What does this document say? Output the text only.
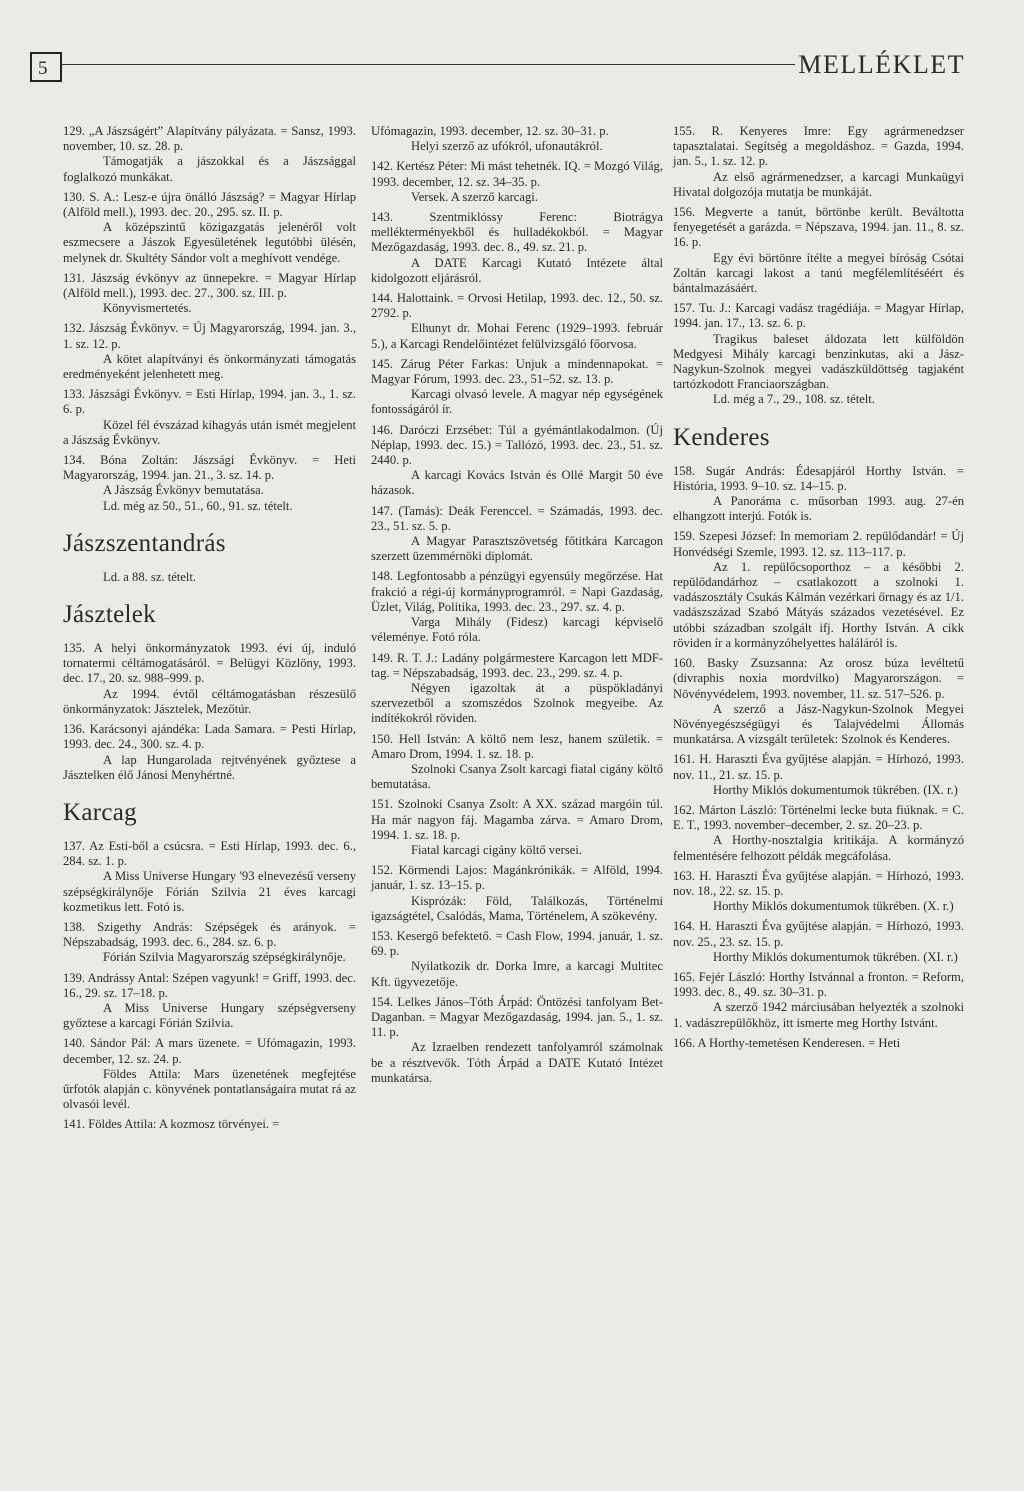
5	MELLÉKLET

129. „A Jászságért” Alapítvány pályázata. = Sansz, 1993. november, 10. sz. 28. p.

Támogatják a jászokkal és a Jászsággal foglalkozó munkákat.

130. S. A.: Lesz-e újra önálló Jászság? = Magyar Hírlap (Alföld mell.), 1993. dec. 20., 295. sz. II. p.

A középszintű közigazgatás jelenéről volt eszmecsere a Jászok Egyesületének legutóbbi ülésén, melynek dr. Skultéty Sándor volt a meghívott vendége.

131. Jászság évkönyv az ünnepekre. = Magyar Hírlap (Alföld mell.), 1993. dec. 27., 300. sz. III. p.

Könyvismertetés.

132. Jászság Évkönyv. = Új Magyarország, 1994. jan. 3., 1. sz. 12. p.

A kötet alapítványi és önkormányzati támogatás eredményeként jelenhetett meg.

133. Jászsági Évkönyv. = Esti Hírlap, 1994. jan. 3., 1. sz. 6. p.

Közel fél évszázad kihagyás után ismét megjelent a Jászság Évkönyv.

134. Bóna Zoltán: Jászsági Évkönyv. = Heti Magyarország, 1994. jan. 21., 3. sz. 14. p.

A Jászság Évkönyv bemutatása.

Ld. még az 50., 51., 60., 91. sz. tételt.

Jászszentandrás

Ld. a 88. sz. tételt.

Jásztelek

135. A helyi önkormányzatok 1993. évi új, induló tornatermi céltámogatásáról. = Belügyi Közlöny, 1993. dec. 17., 20. sz. 988–999. p.

Az 1994. évtől céltámogatásban részesülő önkormányzatok: Jásztelek, Mezőtúr.

136. Karácsonyi ajándéka: Lada Samara. = Pesti Hírlap, 1993. dec. 24., 300. sz. 4. p.

A lap Hungarolada rejtvényének győztese a Jásztelken élő Jánosi Menyhértné.

Karcag

137. Az Esti-ből a csúcsra. = Esti Hírlap, 1993. dec. 6., 284. sz. 1. p.

A Miss Universe Hungary '93 elnevezésű verseny szépségkirálynője Fórián Szilvia 21 éves karcagi kozmetikus lett. Fotó is.

138. Szigethy András: Szépségek és arányok. = Népszabadság, 1993. dec. 6., 284. sz. 6. p.

Fórián Szilvia Magyarország szépségkirálynője.

139. Andrássy Antal: Szépen vagyunk! = Griff, 1993. dec. 16., 29. sz. 17–18. p.

A Miss Universe Hungary szépségverseny győztese a karcagi Fórián Szilvia.

140. Sándor Pál: A mars üzenete. = Ufómagazin, 1993. december, 12. sz. 24. p.

Földes Attila: Mars üzenetének megfejtése űrfotók alapján c. könyvének pontatlanságaira mutat rá az olvasói levél.

141. Földes Attila: A kozmosz törvényei. =

Ufómagazin, 1993. december, 12. sz. 30–31. p.

Helyi szerző az ufókról, ufonautákról.

142. Kertész Péter: Mi mást tehetnék. IQ. = Mozgó Világ, 1993. december, 12. sz. 34–35. p.

Versek. A szerző karcagi.

143. Szentmiklóssy Ferenc: Biotrágya mellékterményekből és hulladékokból. = Magyar Mezőgazdaság, 1993. dec. 8., 49. sz. 21. p.

A DATE Karcagi Kutató Intézete által kidolgozott eljárásról.

144. Halottaink. = Orvosi Hetilap, 1993. dec. 12., 50. sz. 2792. p.

Elhunyt dr. Mohai Ferenc (1929–1993. február 5.), a Karcagi Rendelőintézet felülvizsgáló főorvosa.

145. Zárug Péter Farkas: Unjuk a mindennapokat. = Magyar Fórum, 1993. dec. 23., 51–52. sz. 13. p.

Karcagi olvasó levele. A magyar nép egységének fontosságáról ír.

146. Daróczi Erzsébet: Túl a gyémántlakodalmon. (Új Néplap, 1993. dec. 15.) = Tallózó, 1993. dec. 23., 51. sz. 2440. p.

A karcagi Kovács István és Ollé Margit 50 éve házasok.

147. (Tamás): Deák Ferenccel. = Számadás, 1993. dec. 23., 51. sz. 5. p.

A Magyar Parasztszövetség főtitkára Karcagon szerzett üzemmérnöki diplomát.

148. Legfontosabb a pénzügyi egyensúly megőrzése. Hat frakció a régi-új kormányprogramról. = Napi Gazdaság, Üzlet, Világ, Politika, 1993. dec. 23., 297. sz. 4. p.

Varga Mihály (Fidesz) karcagi képviselő véleménye. Fotó róla.

149. R. T. J.: Ladány polgármestere Karcagon lett MDF-tag. = Népszabadság, 1993. dec. 23., 299. sz. 4. p.

Négyen igazoltak át a püspökladányi szervezetből a szomszédos Szolnok megyeibe. Az indítékokról röviden.

150. Hell István: A költő nem lesz, hanem születik. = Amaro Drom, 1994. 1. sz. 18. p.

Szolnoki Csanya Zsolt karcagi fiatal cigány költő bemutatása.

151. Szolnoki Csanya Zsolt: A XX. század margóin túl. Ha már nagyon fáj. Magamba zárva. = Amaro Drom, 1994. 1. sz. 18. p.

Fiatal karcagi cigány költő versei.

152. Körmendi Lajos: Magánkrónikák. = Alföld, 1994. január, 1. sz. 13–15. p.

Kisprózák: Föld, Találkozás, Történelmi igazságtétel, Csalódás, Mama, Történelem, A szökevény.

153. Kesergő befektető. = Cash Flow, 1994. január, 1. sz. 69. p.

Nyilatkozik dr. Dorka Imre, a karcagi Multitec Kft. ügyvezetője.

154. Lelkes János–Tóth Árpád: Öntözési tanfolyam Bet-Daganban. = Magyar Mezőgazdaság, 1994. jan. 5., 1. sz. 11. p.

Az Izraelben rendezett tanfolyamról számolnak be a résztvevők. Tóth Árpád a DATE Kutató Intézet munkatársa.

155. R. Kenyeres Imre: Egy agrármenedzser tapasztalatai. Segítség a megoldáshoz. = Gazda, 1994. jan. 5., 1. sz. 12. p.

Az első agrármenedzser, a karcagi Munkaügyi Hivatal dolgozója mutatja be munkáját.

156. Megverte a tanút, börtönbe került. Beváltotta fenyegetését a garázda. = Népszava, 1994. jan. 11., 8. sz. 16. p.

Egy évi börtönre ítélte a megyei bíróság Csótai Zoltán karcagi lakost a tanú megfélemlítéséért és bántalmazásáért.

157. Tu. J.: Karcagi vadász tragédiája. = Magyar Hírlap, 1994. jan. 17., 13. sz. 6. p.

Tragikus baleset áldozata lett külföldön Medgyesi Mihály karcagi benzinkutas, aki a Jász-Nagykun-Szolnok megyei vadászküldöttség tagjaként tartózkodott Franciaországban.

Ld. még a 7., 29., 108. sz. tételt.

Kenderes

158. Sugár András: Édesapjáról Horthy István. = História, 1993. 9–10. sz. 14–15. p.

A Panoráma c. műsorban 1993. aug. 27-én elhangzott interjú. Fotók is.

159. Szepesi József: In memoriam 2. repülődandár! = Új Honvédségi Szemle, 1993. 12. sz. 113–117. p.

Az 1. repülőcsoporthoz – a későbbi 2. repülődandárhoz – csatlakozott a szolnoki 1. vadászosztály Csukás Kálmán vezérkari őrnagy és az 1/1. vadászszázad Szabó Mátyás százados vezetésével. Ez utóbbi században szolgált ifj. Horthy István. A cikk röviden ír a kormányzóhelyettes haláláról is.

160. Basky Zsuzsanna: Az orosz búza levéltetű (divraphis noxia mordvilko) Magyarországon. = Növényvédelem, 1993. november, 11. sz. 517–526. p.

A szerző a Jász-Nagykun-Szolnok Megyei Növényegészségügyi és Talajvédelmi Állomás munkatársa. A vizsgált területek: Szolnok és Kenderes.

161. H. Haraszti Éva gyűjtése alapján. = Hírhozó, 1993. nov. 11., 21. sz. 15. p.

Horthy Miklós dokumentumok tükrében. (IX. r.)

162. Márton László: Történelmi lecke buta fiúknak. = C. E. T., 1993. november–december, 2. sz. 20–23. p.

A Horthy-nosztalgia kritikája. A kormányzó felmentésére felhozott példák megcáfolása.

163. H. Haraszti Éva gyűjtése alapján. = Hírhozó, 1993. nov. 18., 22. sz. 15. p.

Horthy Miklós dokumentumok tükrében. (X. r.)

164. H. Haraszti Éva gyűjtése alapján. = Hírhozó, 1993. nov. 25., 23. sz. 15. p.

Horthy Miklós dokumentumok tükrében. (XI. r.)

165. Fejér László: Horthy Istvánnal a fronton. = Reform, 1993. dec. 8., 49. sz. 30–31. p.

A szerző 1942 márciusában helyezték a szolnoki 1. vadászrepülőkhöz, itt ismerte meg Horthy Istvánt.

166. A Horthy-temetésen Kenderesen. = Heti
